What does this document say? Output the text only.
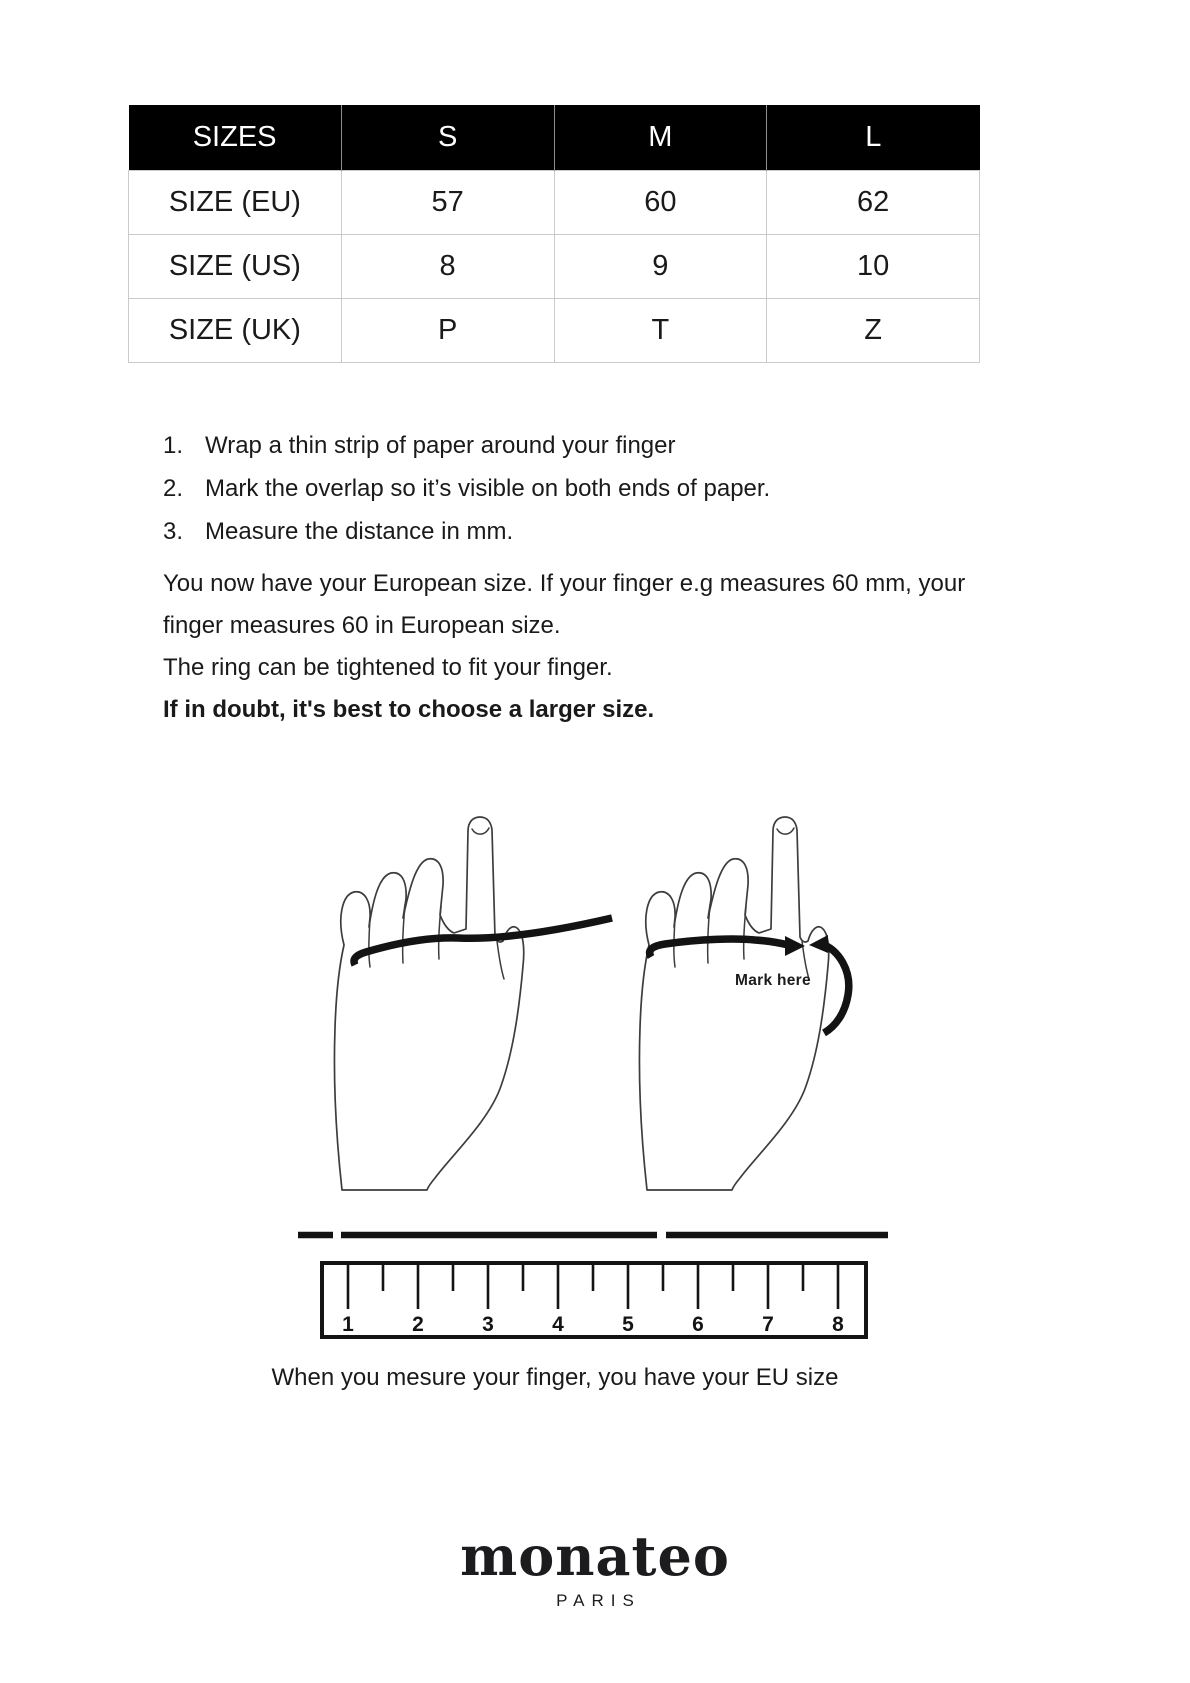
SIZES	S	M	L
SIZE (EU)	57	60	62
SIZE (US)	8	9	10
SIZE (UK)	P	T	Z
1. Wrap a thin strip of paper around your finger
2. Mark the overlap so it’s visible on both ends of paper.
3. Measure the distance in mm.

You now have your European size. If your finger e.g measures 60 mm, your finger measures 60 in European size.

The ring can be tightened to fit your finger.

If in doubt, it's best to choose a larger size.

Mark here
1	2	3	4	5	6	7	8
When you mesure your finger, you have your EU size
monateo
PARIS
